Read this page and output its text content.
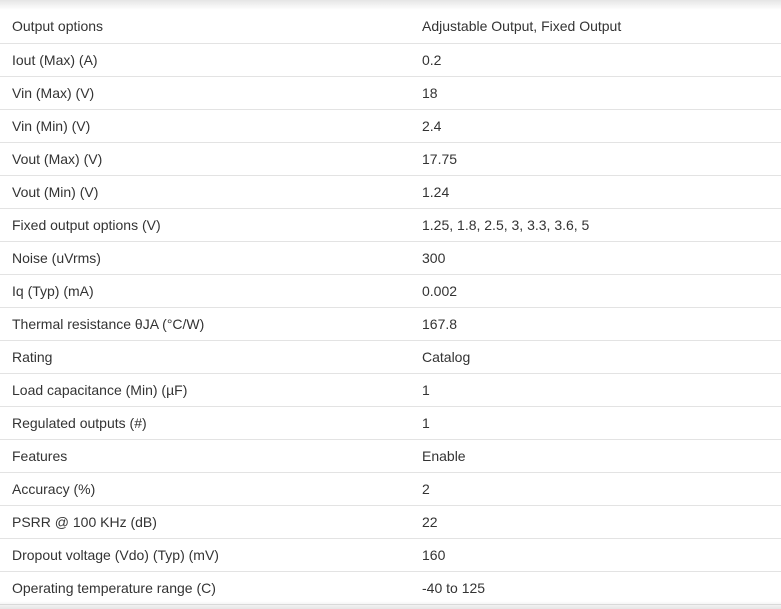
Output options	Adjustable Output, Fixed Output
Iout (Max) (A)	0.2
Vin (Max) (V)	18
Vin (Min) (V)	2.4
Vout (Max) (V)	17.75
Vout (Min) (V)	1.24
Fixed output options (V)	1.25, 1.8, 2.5, 3, 3.3, 3.6, 5
Noise (uVrms)	300
Iq (Typ) (mA)	0.002
Thermal resistance θJA (°C/W)	167.8
Rating	Catalog
Load capacitance (Min) (µF)	1
Regulated outputs (#)	1
Features	Enable
Accuracy (%)	2
PSRR @ 100 KHz (dB)	22
Dropout voltage (Vdo) (Typ) (mV)	160
Operating temperature range (C)	-40 to 125
